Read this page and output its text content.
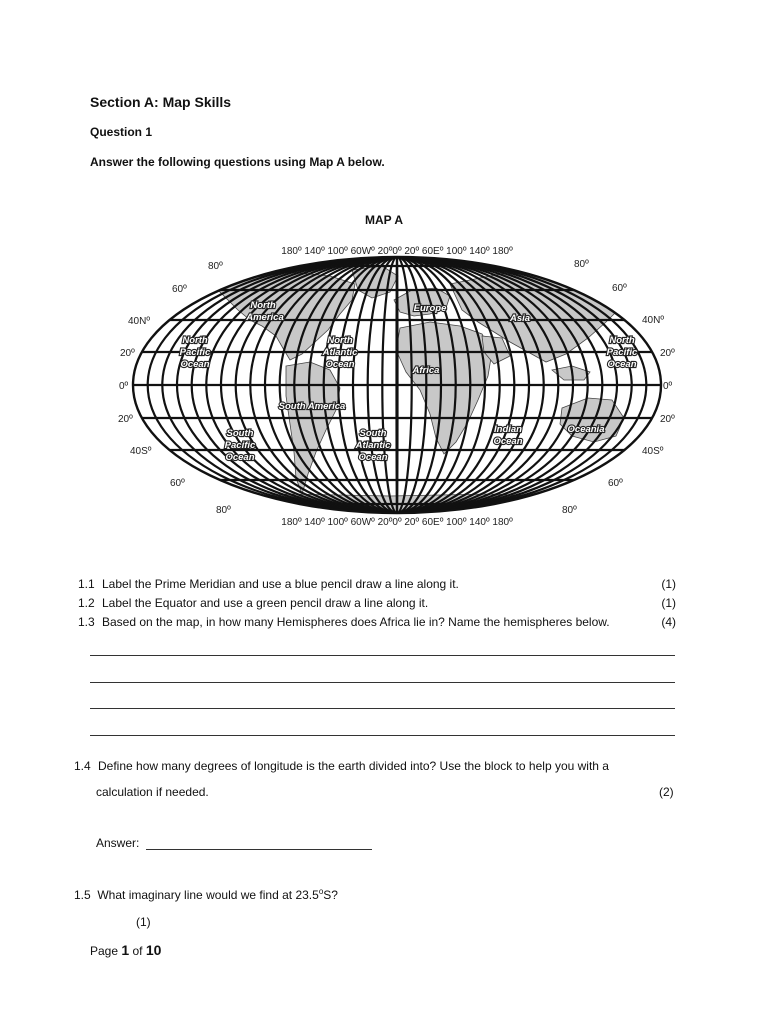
Section A: Map Skills
Question 1
Answer the following questions using Map A below.
MAP A
180º 140º 100º 60Wº 20º0º 20º 60Eº 100º 140º 180º
180º 140º 100º 60Wº 20º0º 20º 60Eº 100º 140º 180º
80º
60º
40Nº
20º
0º
20º
40Sº
60º
80º
80º
60º
40Nº
20º
0º
20º
40Sº
60º
80º
North
America
Europe
Asia
North
Pacific
Ocean
North
Atlantic
Ocean
Africa
North
Pacific
Ocean
South America
South
Pacific
Ocean
South
Atlantic
Ocean
Indian
Ocean
Oceania
1.1 Label the Prime Meridian and use a blue pencil draw a line along it.	(1)
1.2 Label the Equator and use a green pencil draw a line along it.	(1)
1.3 Based on the map, in how many Hemispheres does Africa lie in? Name the hemispheres below.	(4)
1.4 Define how many degrees of longitude is the earth divided into? Use the block to help you with a
calculation if needed.	(2)
Answer:
1.5 What imaginary line would we find at 23.5$^o$S?
(1)
Page 1 of 10
